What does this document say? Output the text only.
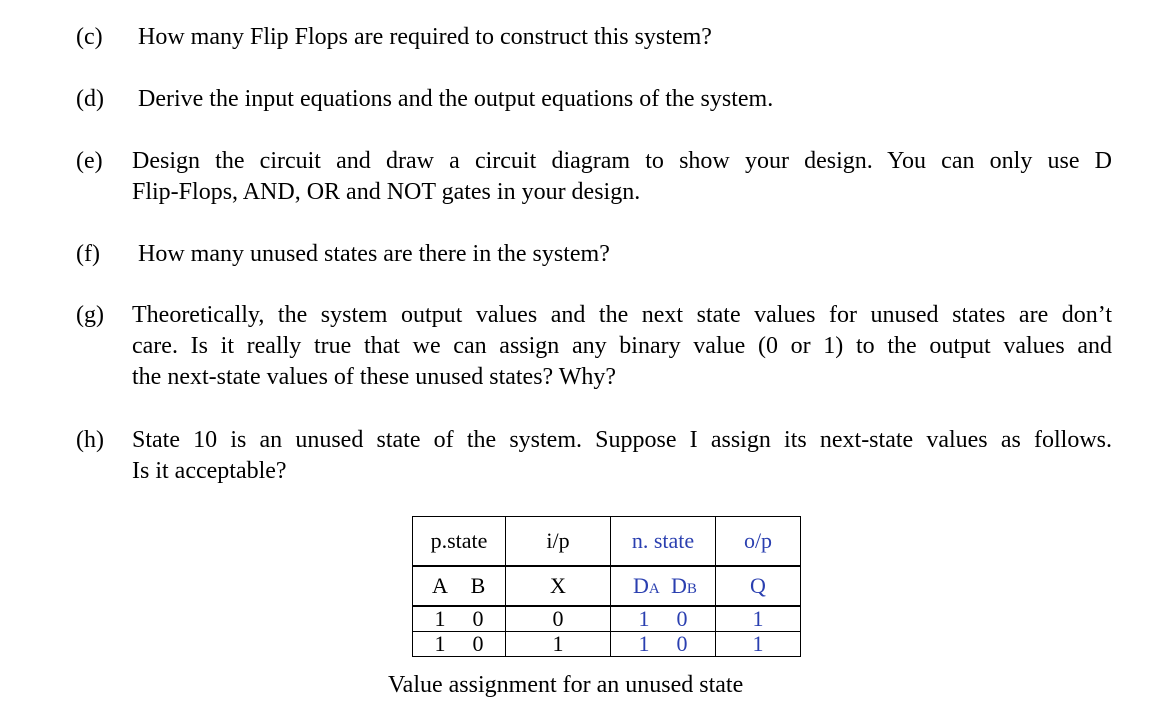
(c) How many Flip Flops are required to construct this system?
(d) Derive the input equations and the output equations of the system.
(e) Design the circuit and draw a circuit diagram to show your design. You can only use D
Flip-Flops, AND, OR and NOT gates in your design.
(f) How many unused states are there in the system?
(g) Theoretically, the system output values and the next state values for unused states are don’t
care. Is it really true that we can assign any binary value (0 or 1) to the output values and
the next-state values of these unused states? Why?
(h) State 10 is an unused state of the system. Suppose I assign its next-state values as follows.
Is it acceptable?
p.state	i/p	n. state	o/p
A B	X	DA DB	Q
1 0	0	1 0	1
1 0	1	1 0	1
Value assignment for an unused state
